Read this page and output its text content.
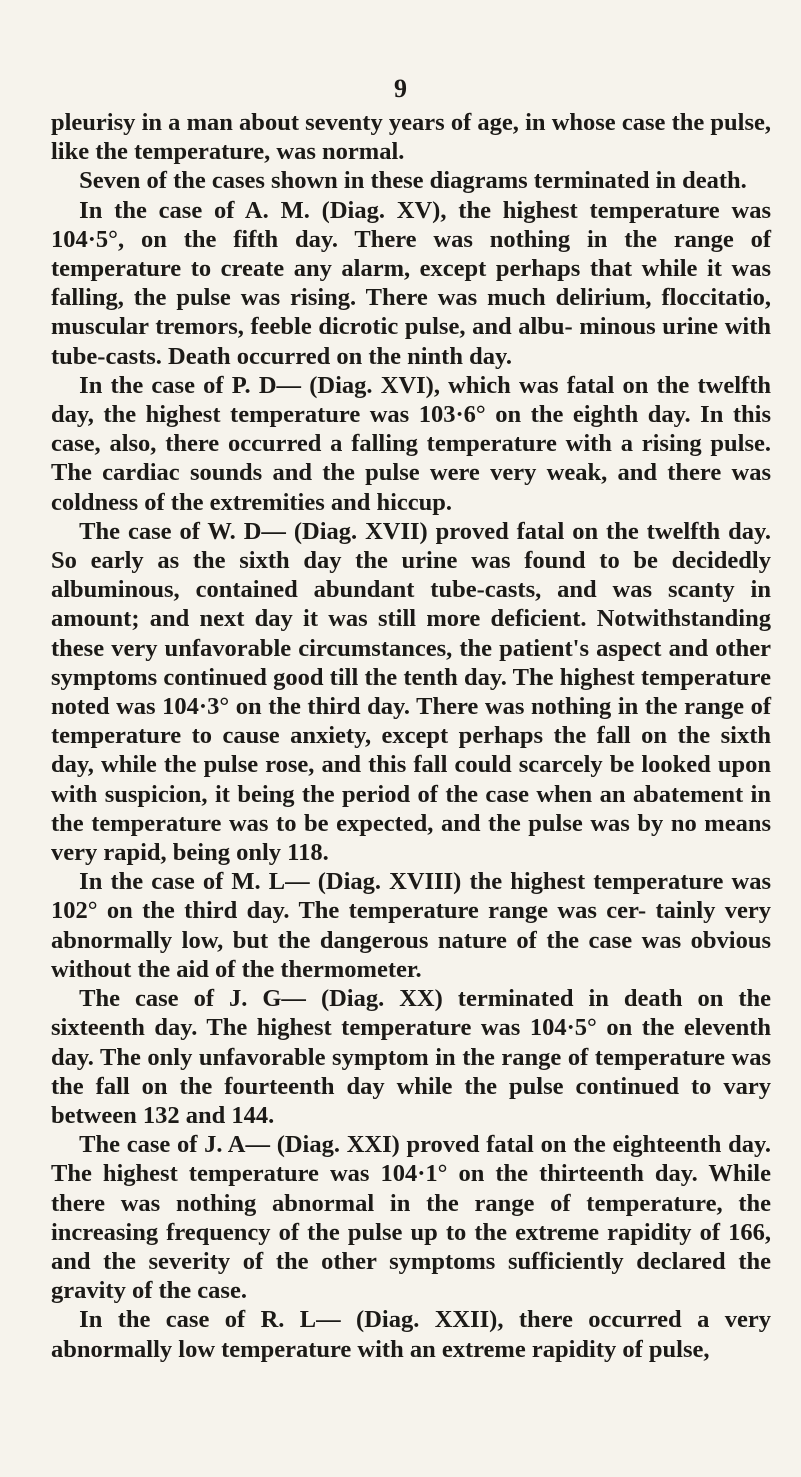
9

pleurisy in a man about seventy years of age, in whose case the pulse, like the temperature, was normal.

Seven of the cases shown in these diagrams terminated in death.

In the case of A. M. (Diag. XV), the highest temperature was 104·5°, on the fifth day. There was nothing in the range of temperature to create any alarm, except perhaps that while it was falling, the pulse was rising. There was much delirium, floccitatio, muscular tremors, feeble dicrotic pulse, and albu- minous urine with tube-casts. Death occurred on the ninth day.

In the case of P. D— (Diag. XVI), which was fatal on the twelfth day, the highest temperature was 103·6° on the eighth day. In this case, also, there occurred a falling temperature with a rising pulse. The cardiac sounds and the pulse were very weak, and there was coldness of the extremities and hiccup.

The case of W. D— (Diag. XVII) proved fatal on the twelfth day. So early as the sixth day the urine was found to be decidedly albuminous, contained abundant tube-casts, and was scanty in amount; and next day it was still more deficient. Notwithstanding these very unfavorable circumstances, the patient's aspect and other symptoms continued good till the tenth day. The highest temperature noted was 104·3° on the third day. There was nothing in the range of temperature to cause anxiety, except perhaps the fall on the sixth day, while the pulse rose, and this fall could scarcely be looked upon with suspicion, it being the period of the case when an abatement in the temperature was to be expected, and the pulse was by no means very rapid, being only 118.

In the case of M. L— (Diag. XVIII) the highest temperature was 102° on the third day. The temperature range was cer- tainly very abnormally low, but the dangerous nature of the case was obvious without the aid of the thermometer.

The case of J. G— (Diag. XX) terminated in death on the sixteenth day. The highest temperature was 104·5° on the eleventh day. The only unfavorable symptom in the range of temperature was the fall on the fourteenth day while the pulse continued to vary between 132 and 144.

The case of J. A— (Diag. XXI) proved fatal on the eighteenth day. The highest temperature was 104·1° on the thirteenth day. While there was nothing abnormal in the range of temperature, the increasing frequency of the pulse up to the extreme rapidity of 166, and the severity of the other symptoms sufficiently declared the gravity of the case.

In the case of R. L— (Diag. XXII), there occurred a very abnormally low temperature with an extreme rapidity of pulse,
